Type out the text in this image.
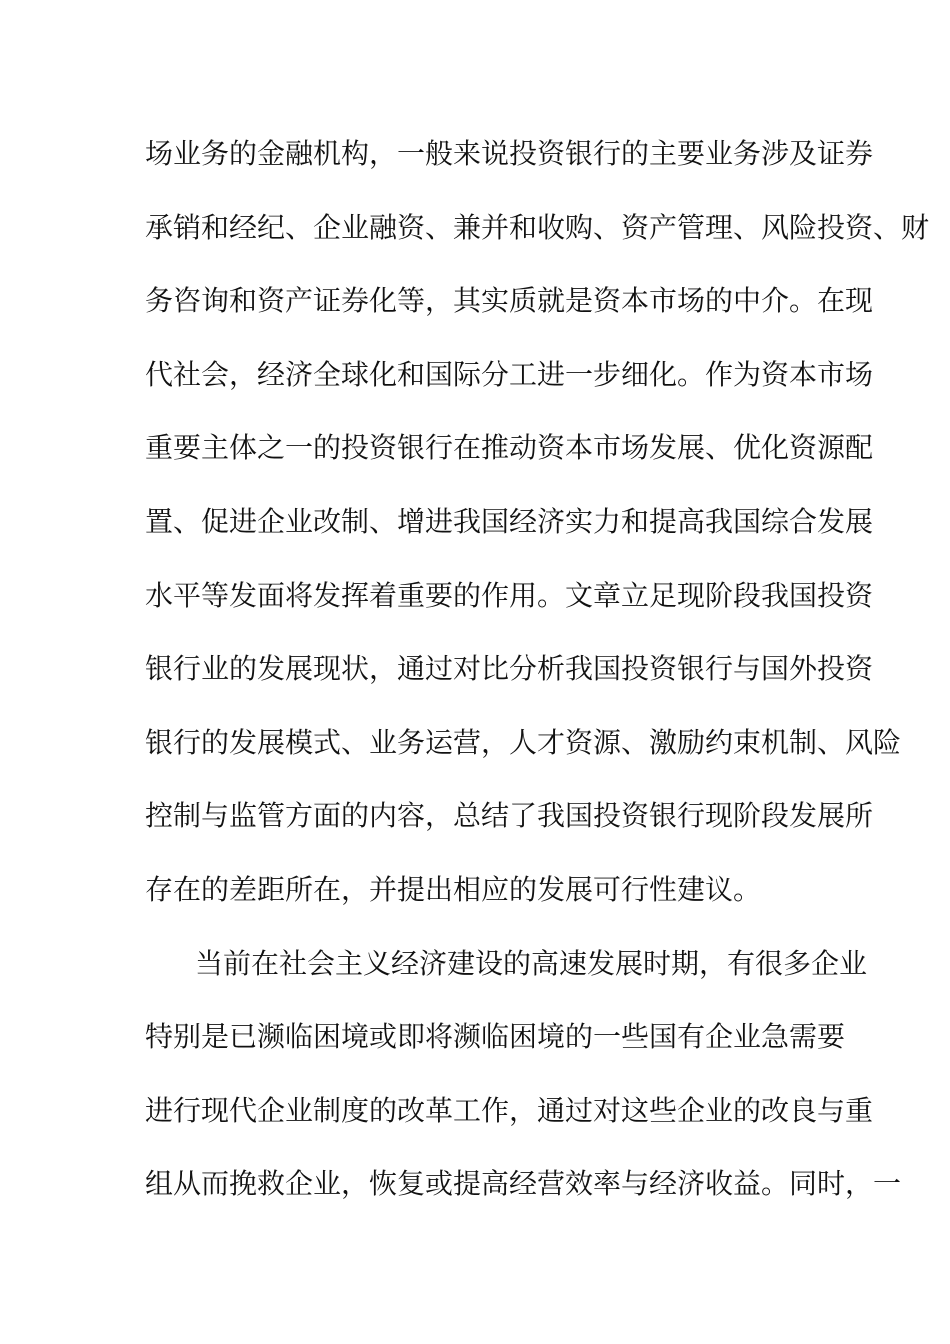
场业务的金融机构，一般来说投资银行的主要业务涉及证券
承销和经纪、企业融资、兼并和收购、资产管理、风险投资、财
务咨询和资产证券化等，其实质就是资本市场的中介。在现
代社会，经济全球化和国际分工进一步细化。作为资本市场
重要主体之一的投资银行在推动资本市场发展、优化资源配
置、促进企业改制、增进我国经济实力和提高我国综合发展
水平等发面将发挥着重要的作用。文章立足现阶段我国投资
银行业的发展现状，通过对比分析我国投资银行与国外投资
银行的发展模式、业务运营，人才资源、激励约束机制、风险
控制与监管方面的内容，总结了我国投资银行现阶段发展所
存在的差距所在，并提出相应的发展可行性建议。
当前在社会主义经济建设的高速发展时期，有很多企业
特别是已濒临困境或即将濒临困境的一些国有企业急需要
进行现代企业制度的改革工作，通过对这些企业的改良与重
组从而挽救企业，恢复或提高经营效率与经济收益。同时，一
